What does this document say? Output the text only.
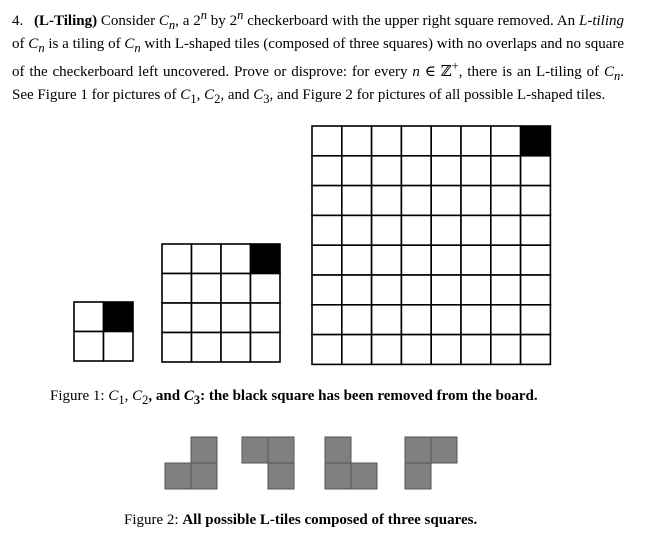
4. (L-Tiling) Consider $C_n$, a 2$^n$ by 2$^n$ checkerboard with the upper right square removed. An L-tiling of $C_n$ is a tiling of $C_n$ with L-shaped tiles (composed of three squares) with no overlaps and no square of the checkerboard left uncovered. Prove or disprove: for every n ∈ ℤ+, there is an L-tiling of $C_n$. See Figure 1 for pictures of $C_1$, $C_2$, and $C_3$, and Figure 2 for pictures of all possible L-shaped tiles.
Figure 1: $C_1$, $C_2$, and $C_3$: the black square has been removed from the board.
Figure 2: All possible L-tiles composed of three squares.
